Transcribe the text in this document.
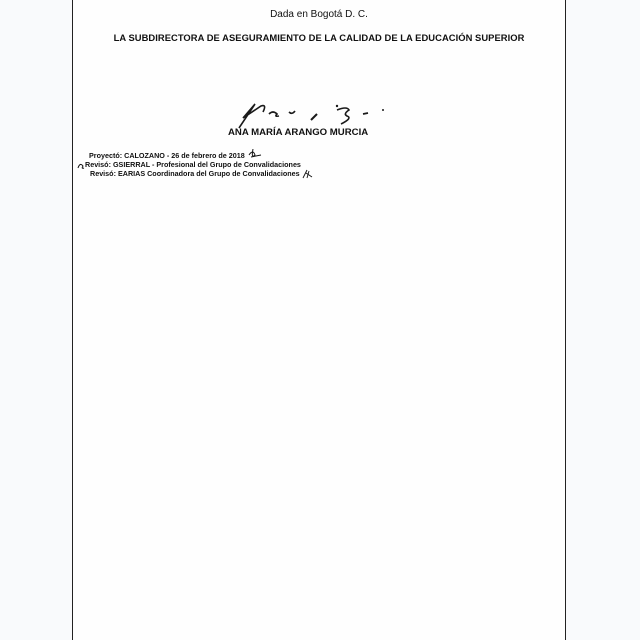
Dada en Bogotá D. C.
LA SUBDIRECTORA DE ASEGURAMIENTO DE LA CALIDAD DE LA EDUCACIÓN SUPERIOR
ANA MARÍA ARANGO MURCIA
Proyectó: CALOZANO - 26 de febrero de 2018
Revisó: GSIERRAL - Profesional del Grupo de Convalidaciones
Revisó: EARIAS Coordinadora del Grupo de Convalidaciones
